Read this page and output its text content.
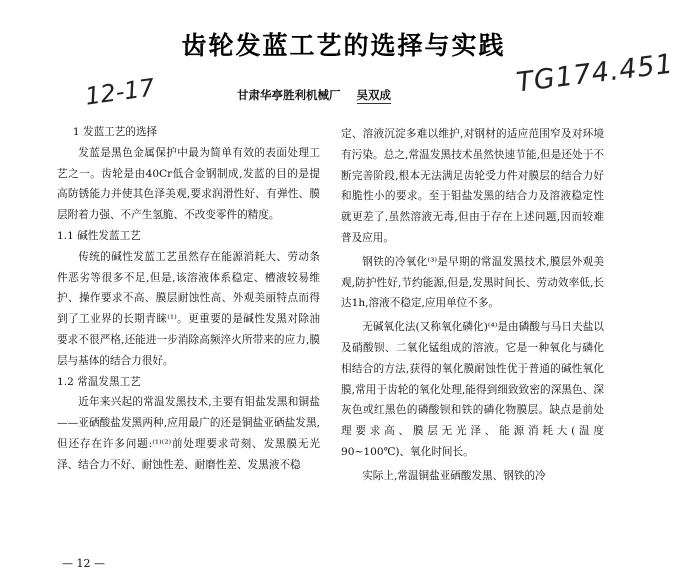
齿轮发蓝工艺的选择与实践
12-17	TG174.451
甘肃华亭胜利机械厂 吴双成
1 发蓝工艺的选择

发蓝是黑色金属保护中最为简单有效的表面处理工艺之一。齿轮是由40Cr低合金钢制成,发蓝的目的是提高防锈能力并使其色泽美观,要求润滑性好、有弹性、膜层附着力强、不产生氢脆、不改变零件的精度。

1.1 碱性发蓝工艺

传统的碱性发蓝工艺虽然存在能源消耗大、劳动条件恶劣等很多不足,但是,该溶液体系稳定、槽液较易维护、操作要求不高、膜层耐蚀性高、外观美丽特点而得到了工业界的长期青睐⁽¹⁾。更重要的是碱性发黑对除油要求不很严格,还能进一步消除高频淬火所带来的应力,膜层与基体的结合力很好。

1.2 常温发黑工艺

近年来兴起的常温发黑技术,主要有钼盐发黑和铜盐——亚硒酸盐发黑两种,应用最广的还是铜盐亚硒盐发黑,但还存在许多问题:⁽¹⁾⁽²⁾前处理要求苛刻、发黑膜无光泽、结合力不好、耐蚀性差、耐磨性差、发黑液不稳

定、溶液沉淀多难以维护,对钢材的适应范围窄及对环境有污染。总之,常温发黑技术虽然快速节能,但是还处于不断完善阶段,根本无法满足齿轮受力件对膜层的结合力好和脆性小的要求。至于钼盐发黑的结合力及溶液稳定性就更差了,虽然溶液无毒,但由于存在上述问题,因而较难普及应用。

钢铁的冷氧化⁽³⁾是早期的常温发黑技术,膜层外观美观,防护性好,节约能源,但是,发黑时间长、劳动效率低,长达1h,溶液不稳定,应用单位不多。

无碱氧化法(又称氧化磷化)⁽⁴⁾是由磷酸与马日夫盐以及硝酸钡、二氧化锰组成的溶液。它是一种氧化与磷化相结合的方法,获得的氧化膜耐蚀性优于普通的碱性氧化膜,常用于齿轮的氧化处理,能得到细致致密的深黑色、深灰色或红黑色的磷酸钡和铁的磷化物膜层。缺点是前处理要求高、膜层无光泽、能源消耗大(温度90~100℃)、氧化时间长。

实际上,常温铜盐亚硒酸发黑、钢铁的冷

— 12 —
